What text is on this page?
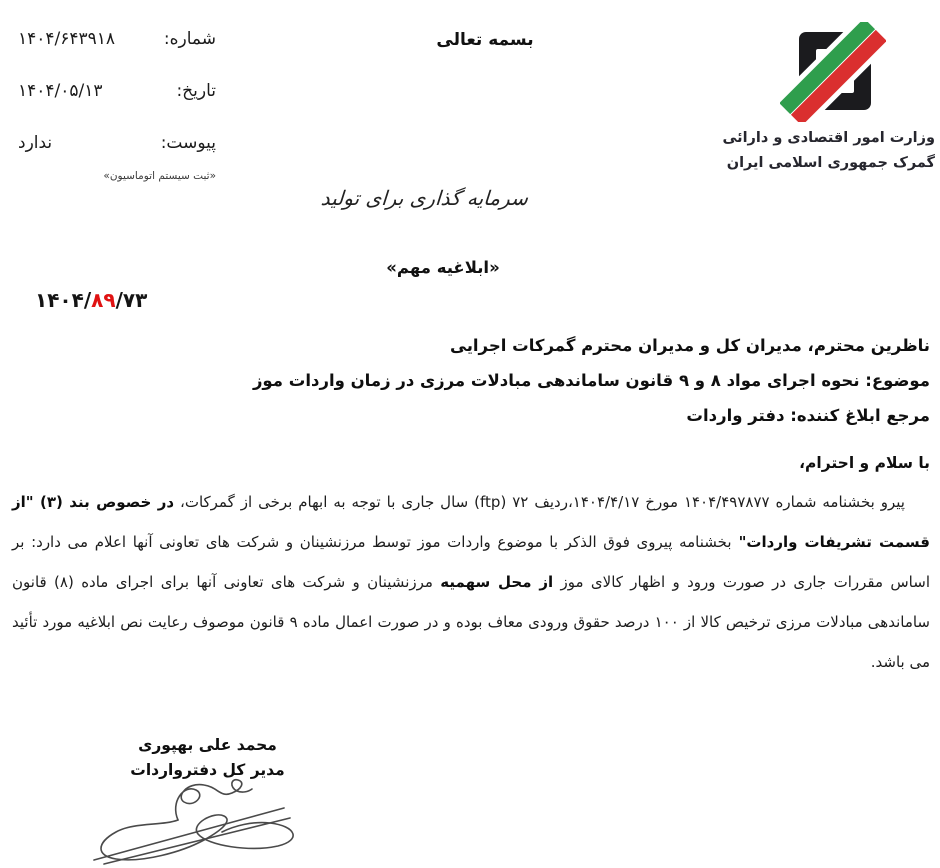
شماره:
۱۴۰۴/۶۴۳۹۱۸
تاریخ:
۱۴۰۴/۰۵/۱۳
پیوست:
ندارد
«ثبت سیستم اتوماسیون»
بسمه تعالی
وزارت امور اقتصادی و دارائی
گمرک جمهوری اسلامی ایران
سرمایه گذاری برای تولید
«ابلاغیه مهم»
۱۴۰۴/۸۹/۷۳
ناظرین محترم، مدیران کل و مدیران محترم گمرکات اجرایی
موضوع: نحوه اجرای مواد ۸ و ۹ قانون ساماندهی مبادلات مرزی در زمان واردات موز
مرجع ابلاغ کننده: دفتر واردات
با سلام و احترام،
پیرو بخشنامه شماره ۱۴۰۴/۴۹۷۸۷۷ مورخ ۱۴۰۴/۴/۱۷،ردیف ۷۲ (ftp) سال جاری با توجه به ابهام برخی از گمرکات، در خصوص بند (۳) "از قسمت تشریفات واردات" بخشنامه پیروی فوق الذکر با موضوع واردات موز توسط مرزنشینان و شرکت های تعاونی آنها اعلام می دارد: بر اساس مقررات جاری در صورت ورود و اظهار کالای موز از محل سهمیه مرزنشینان و شرکت های تعاونی آنها برای اجرای ماده (۸) قانون ساماندهی مبادلات مرزی ترخیص کالا از ۱۰۰ درصد حقوق ورودی معاف بوده و در صورت اعمال ماده ۹ قانون موصوف رعایت نص ابلاغیه مورد تأئید می باشد.
محمد علی بهپوری
مدیر کل دفترواردات
